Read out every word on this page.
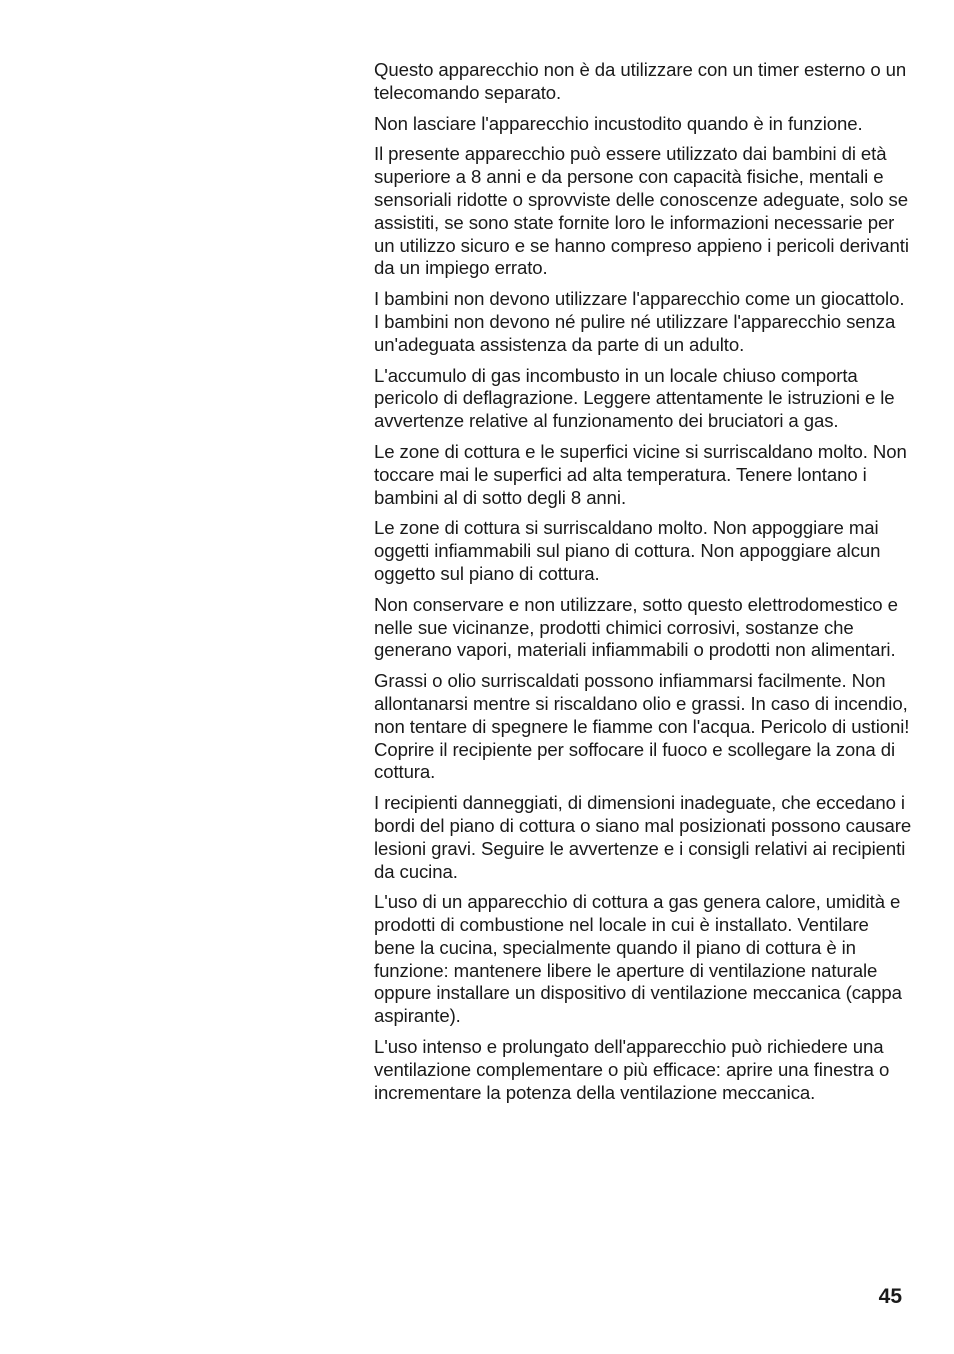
Questo apparecchio non è da utilizzare con un timer esterno o un telecomando separato.

Non lasciare l'apparecchio incustodito quando è in funzione.

Il presente apparecchio può essere utilizzato dai bambini di età superiore a 8 anni e da persone con capacità fisiche, mentali e sensoriali ridotte o sprovviste delle conoscenze adeguate, solo se assistiti, se sono state fornite loro le informazioni necessarie per un utilizzo sicuro e se hanno compreso appieno i pericoli derivanti da un impiego errato.

I bambini non devono utilizzare l'apparecchio come un giocattolo. I bambini non devono né pulire né utilizzare l'apparecchio senza un'adeguata assistenza da parte di un adulto.

L'accumulo di gas incombusto in un locale chiuso comporta pericolo di deflagrazione. Leggere attentamente le istruzioni e le avvertenze relative al funzionamento dei bruciatori a gas.

Le zone di cottura e le superfici vicine si surriscaldano molto. Non toccare mai le superfici ad alta temperatura. Tenere lontano i bambini al di sotto degli 8 anni.

Le zone di cottura si surriscaldano molto. Non appoggiare mai oggetti infiammabili sul piano di cottura. Non appoggiare alcun oggetto sul piano di cottura.

Non conservare e non utilizzare, sotto questo elettrodomestico e nelle sue vicinanze, prodotti chimici corrosivi, sostanze che generano vapori, materiali infiammabili o prodotti non alimentari.

Grassi o olio surriscaldati possono infiammarsi facilmente. Non allontanarsi mentre si riscaldano olio e grassi. In caso di incendio, non tentare di spegnere le fiamme con l'acqua. Pericolo di ustioni! Coprire il recipiente per soffocare il fuoco e scollegare la zona di cottura.

I recipienti danneggiati, di dimensioni inadeguate, che eccedano i bordi del piano di cottura o siano mal posizionati possono causare lesioni gravi. Seguire le avvertenze e i consigli relativi ai recipienti da cucina.

L'uso di un apparecchio di cottura a gas genera calore, umidità e prodotti di combustione nel locale in cui è installato. Ventilare bene la cucina, specialmente quando il piano di cottura è in funzione: mantenere libere le aperture di ventilazione naturale oppure installare un dispositivo di ventilazione meccanica (cappa aspirante).

L'uso intenso e prolungato dell'apparecchio può richiedere una ventilazione complementare o più efficace: aprire una finestra o incrementare la potenza della ventilazione meccanica.

45
